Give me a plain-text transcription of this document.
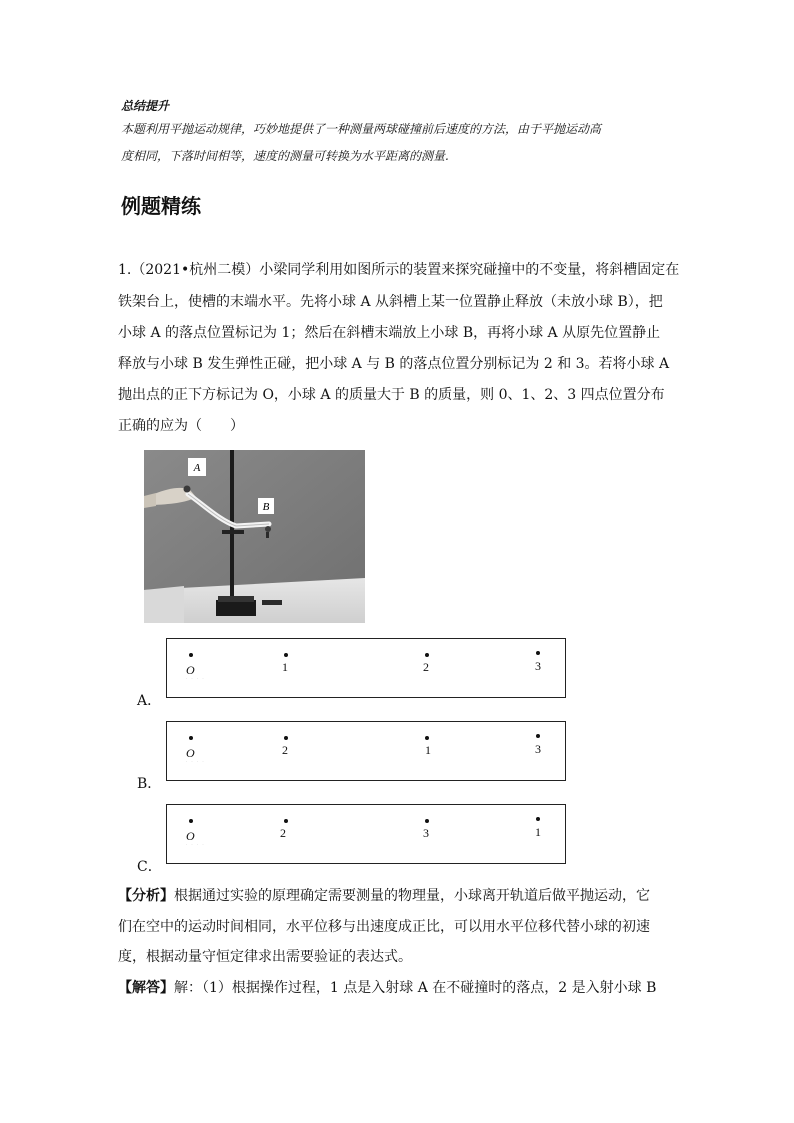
总结提升
本题利用平抛运动规律，巧妙地提供了一种测量两球碰撞前后速度的方法，由于平抛运动高
度相同，下落时间相等，速度的测量可转换为水平距离的测量.
例题精练
1.（2021•杭州二模）小梁同学利用如图所示的装置来探究碰撞中的不变量，将斜槽固定在
铁架台上，使槽的末端水平。先将小球 A 从斜槽上某一位置静止释放（未放小球 B），把
小球 A 的落点位置标记为 1；然后在斜槽末端放上小球 B，再将小球 A 从原先位置静止
释放与小球 B 发生弹性正碰，把小球 A 与 B 的落点位置分别标记为 2 和 3。若将小球 A
抛出点的正下方标记为 O，小球 A 的质量大于 B 的质量，则 0、1、2、3 四点位置分布
正确的应为（　　）
A
B
O	1	2	3
· · · ·
A．
O	2	1	3
· · · ·
B．
O	2	3	1
· · · ·
C．
【分析】根据通过实验的原理确定需要测量的物理量，小球离开轨道后做平抛运动，它
们在空中的运动时间相同，水平位移与出速度成正比，可以用水平位移代替小球的初速
度，根据动量守恒定律求出需要验证的表达式。
【解答】解：（1）根据操作过程，1 点是入射球 A 在不碰撞时的落点，2 是入射小球 B
